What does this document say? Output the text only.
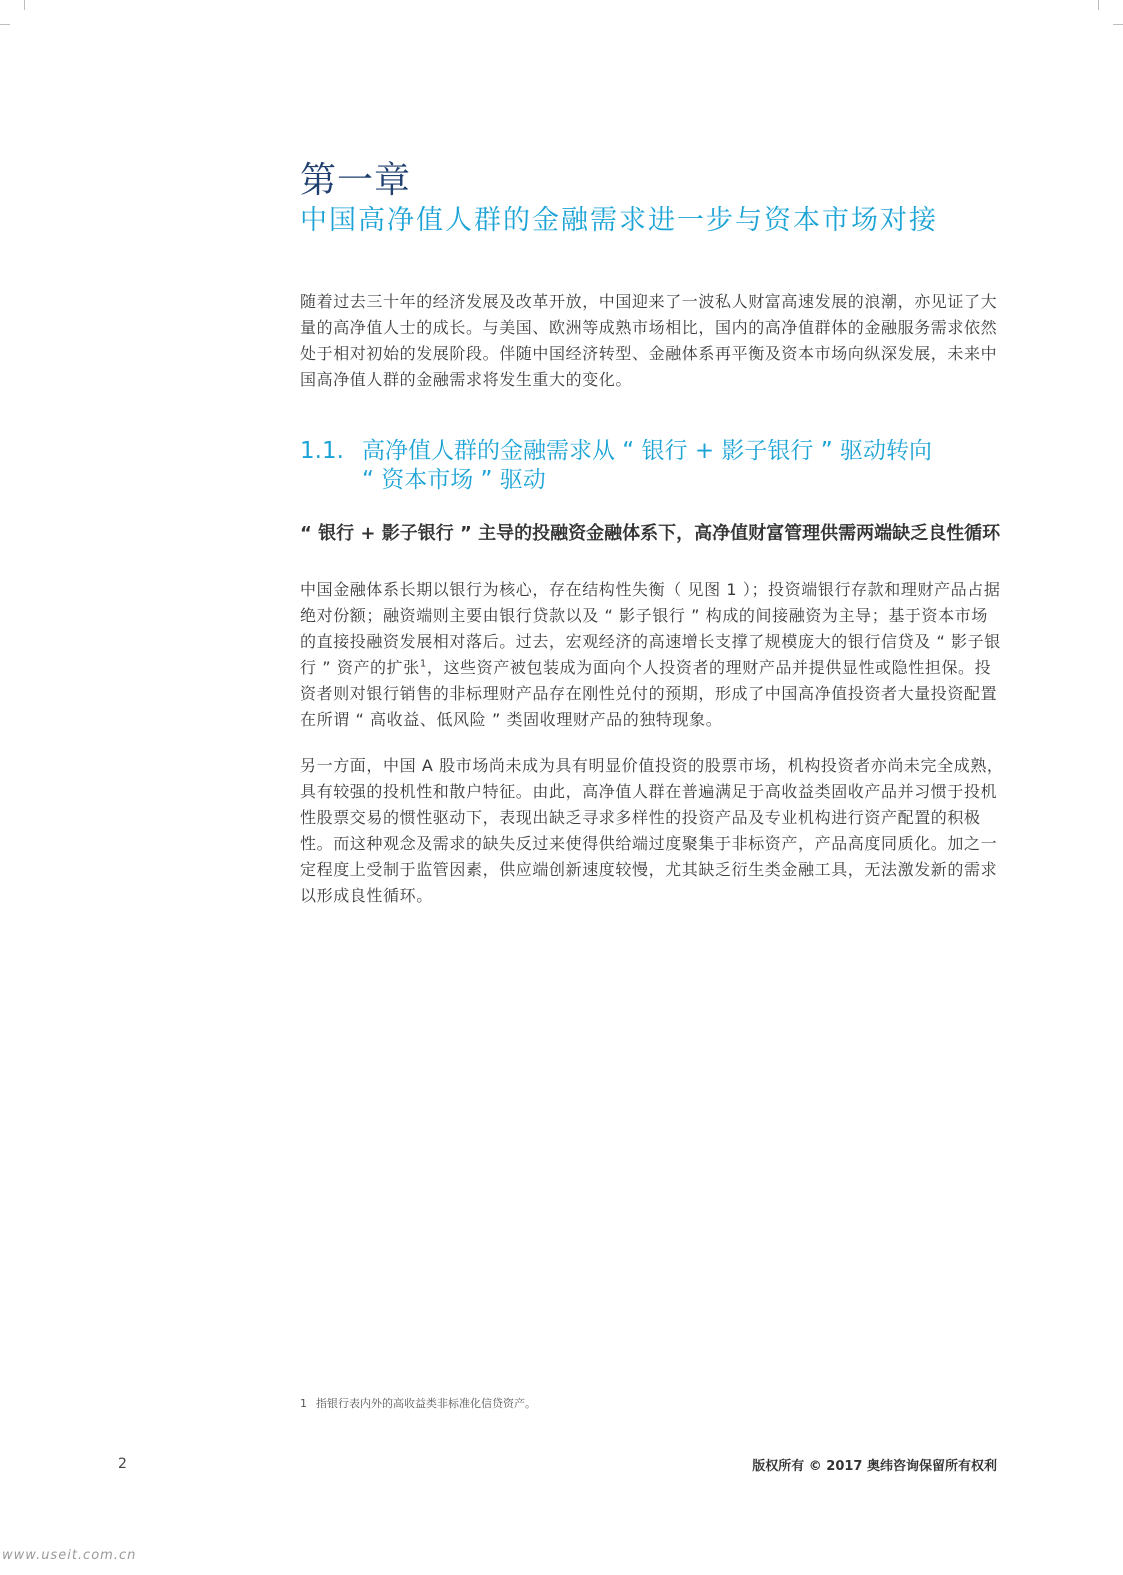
第一章
中国高净值人群的金融需求进一步与资本市场对接

随着过去三十年的经济发展及改革开放，中国迎来了一波私人财富高速发展的浪潮，亦见证了大量的高净值人士的成长。与美国、欧洲等成熟市场相比，国内的高净值群体的金融服务需求依然处于相对初始的发展阶段。伴随中国经济转型、金融体系再平衡及资本市场向纵深发展，未来中国高净值人群的金融需求将发生重大的变化。

1.1. 高净值人群的金融需求从 “ 银行 + 影子银行 ” 驱动转向
“ 资本市场 ” 驱动
“ 银行 + 影子银行 ” 主导的投融资金融体系下，高净值财富管理供需两端缺乏良性循环

中国金融体系长期以银行为核心，存在结构性失衡（ 见图 1 ）；投资端银行存款和理财产品占据绝对份额；融资端则主要由银行贷款以及 “ 影子银行 ” 构成的间接融资为主导；基于资本市场的直接投融资发展相对落后。过去，宏观经济的高速增长支撑了规模庞大的银行信贷及 “ 影子银行 ” 资产的扩张$^1$，这些资产被包装成为面向个人投资者的理财产品并提供显性或隐性担保。投资者则对银行销售的非标理财产品存在刚性兑付的预期，形成了中国高净值投资者大量投资配置在所谓 “ 高收益、低风险 ” 类固收理财产品的独特现象。

另一方面，中国 A 股市场尚未成为具有明显价值投资的股票市场，机构投资者亦尚未完全成熟，具有较强的投机性和散户特征。由此，高净值人群在普遍满足于高收益类固收产品并习惯于投机性股票交易的惯性驱动下，表现出缺乏寻求多样性的投资产品及专业机构进行资产配置的积极性。而这种观念及需求的缺失反过来使得供给端过度聚集于非标资产，产品高度同质化。加之一定程度上受制于监管因素，供应端创新速度较慢，尤其缺乏衍生类金融工具，无法激发新的需求以形成良性循环。

1 指银行表内外的高收益类非标准化信贷资产。
2	版权所有 © 2017 奥纬咨询保留所有权利
www.useit.com.cn
